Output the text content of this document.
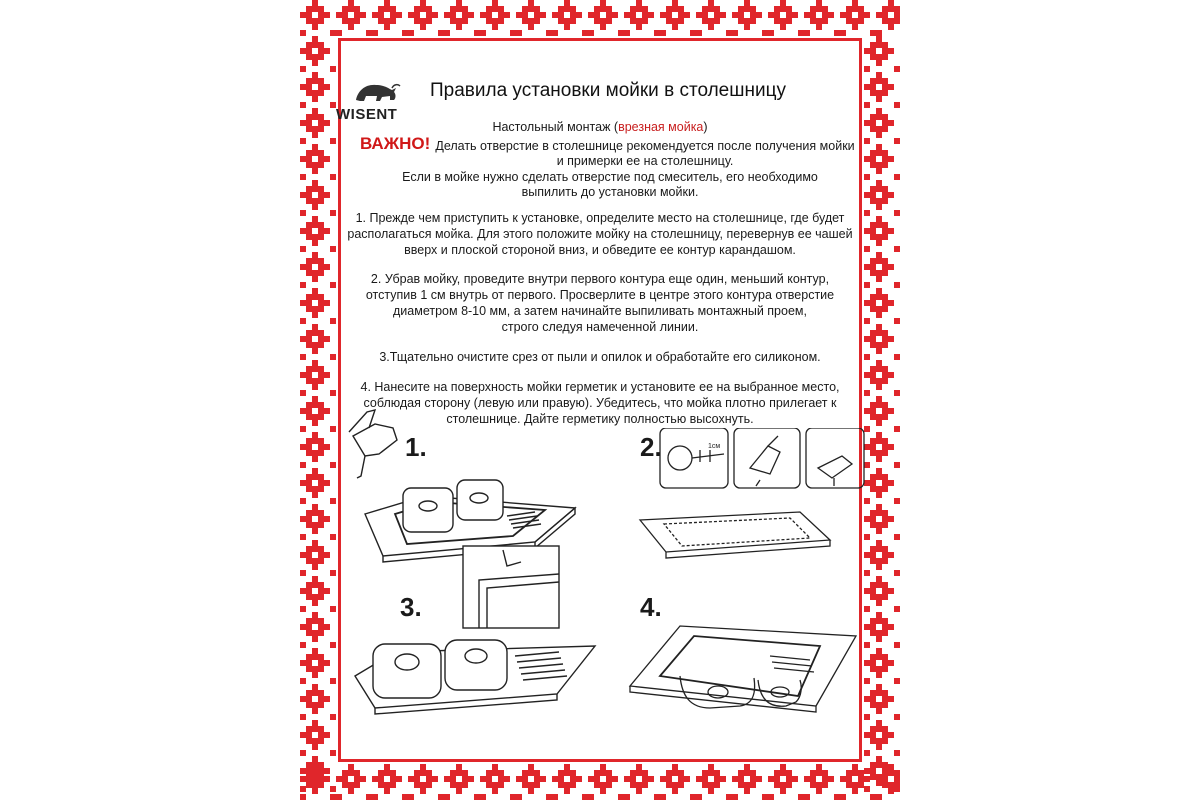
WISENT
Правила установки мойки в столешницу
Настольный монтаж (врезная мойка)
ВАЖНО! Делать отверстие в столешнице рекомендуется после получения мойки
и примерки ее на столешницу.
Если в мойке нужно сделать отверстие под смеситель, его необходимо
выпилить до установки мойки.
1. Прежде чем приступить к установке, определите место на столешнице, где будет
располагаться мойка. Для этого положите мойку на столешницу, перевернув ее чашей
вверх и плоской стороной вниз, и обведите ее контур карандашом.
2. Убрав мойку, проведите внутри первого контура еще один, меньший контур,
отступив 1 см внутрь от первого. Просверлите в центре этого контура отверстие
диаметром 8-10 мм, а затем начинайте выпиливать монтажный проем,
строго следуя намеченной линии.
3.Тщательно очистите срез от пыли и опилок и обработайте его силиконом.
4. Нанесите на поверхность мойки герметик и установите ее на выбранное место,
соблюдая сторону (левую или правую). Убедитесь, что мойка плотно прилегает к
столешнице. Дайте герметику полностью высохнуть.
1.	2.	1см
3.	4.
